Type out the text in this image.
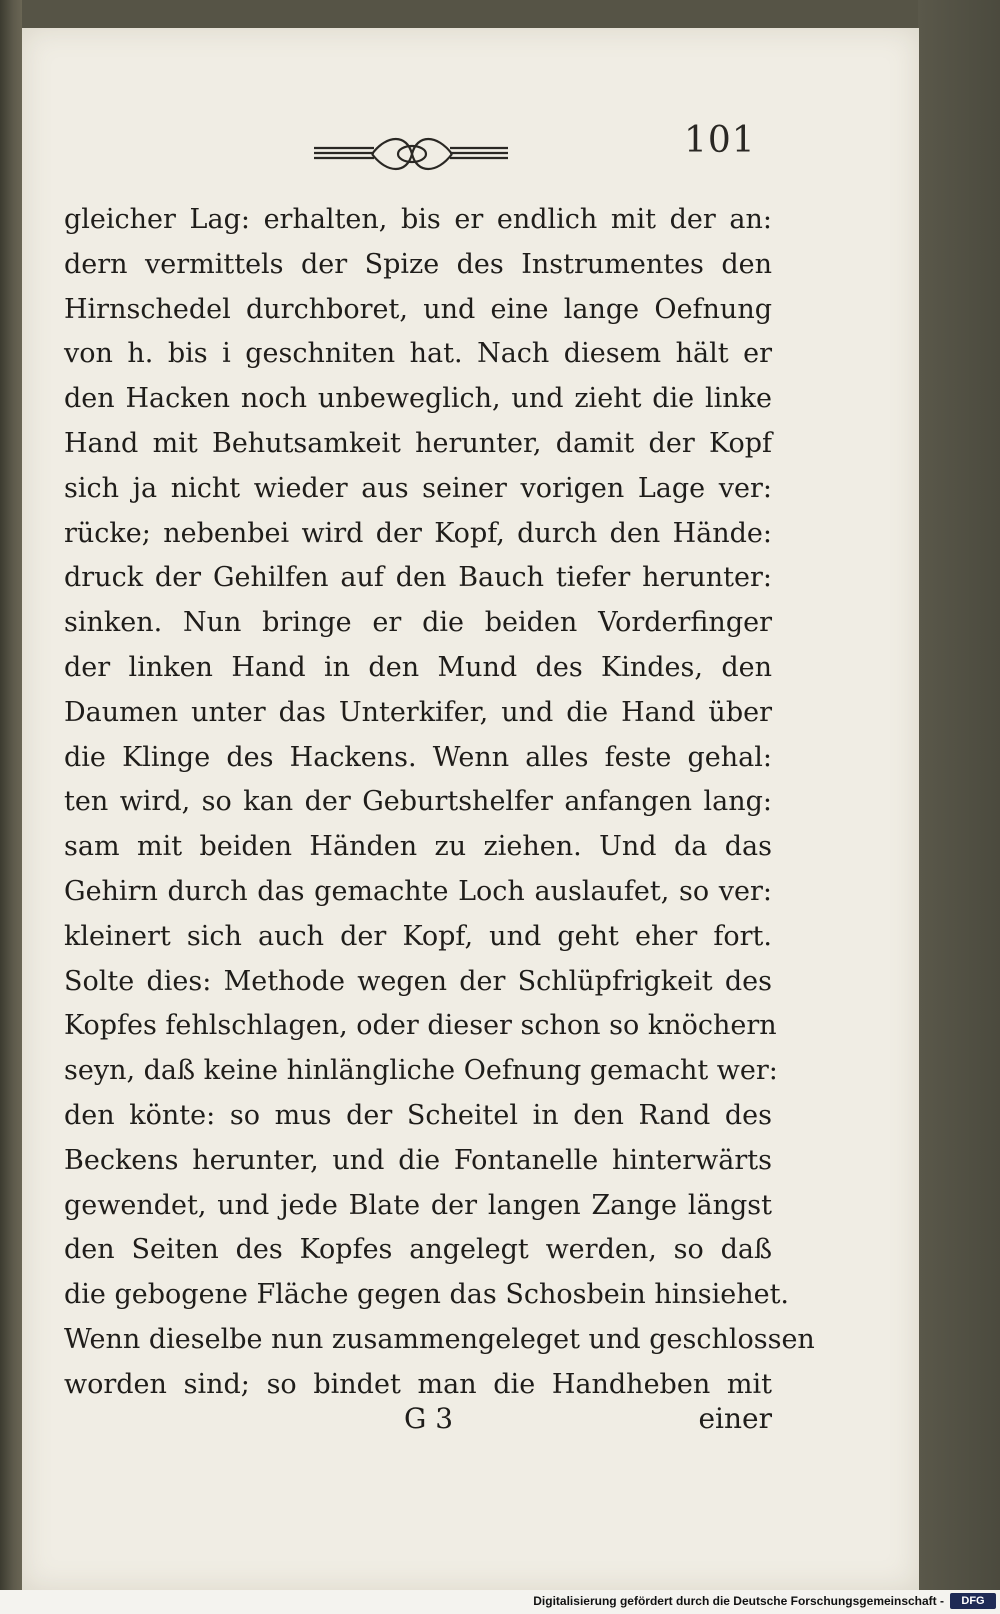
101
gleicher Lag: erhalten, bis er endlich mit der an:
dern vermittels der Spize des Instrumentes den
Hirnschedel durchboret, und eine lange Oefnung
von h. bis i geschniten hat. Nach diesem hält er
den Hacken noch unbeweglich, und zieht die linke
Hand mit Behutsamkeit herunter, damit der Kopf
sich ja nicht wieder aus seiner vorigen Lage ver:
rücke; nebenbei wird der Kopf, durch den Hände:
druck der Gehilfen auf den Bauch tiefer herunter:
sinken. Nun bringe er die beiden Vorderfinger
der linken Hand in den Mund des Kindes, den
Daumen unter das Unterkifer, und die Hand über
die Klinge des Hackens. Wenn alles feste gehal:
ten wird, so kan der Geburtshelfer anfangen lang:
sam mit beiden Händen zu ziehen. Und da das
Gehirn durch das gemachte Loch auslaufet, so ver:
kleinert sich auch der Kopf, und geht eher fort.
Solte dies: Methode wegen der Schlüpfrigkeit des
Kopfes fehlschlagen, oder dieser schon so knöchern
seyn, daß keine hinlängliche Oefnung gemacht wer:
den könte: so mus der Scheitel in den Rand des
Beckens herunter, und die Fontanelle hinterwärts
gewendet, und jede Blate der langen Zange längst
den Seiten des Kopfes angelegt werden, so daß
die gebogene Fläche gegen das Schosbein hinsiehet.
Wenn dieselbe nun zusammengeleget und geschlossen
worden sind; so bindet man die Handheben mit
G 3	einer
Digitalisierung gefördert durch die Deutsche Forschungsgemeinschaft -	DFG
